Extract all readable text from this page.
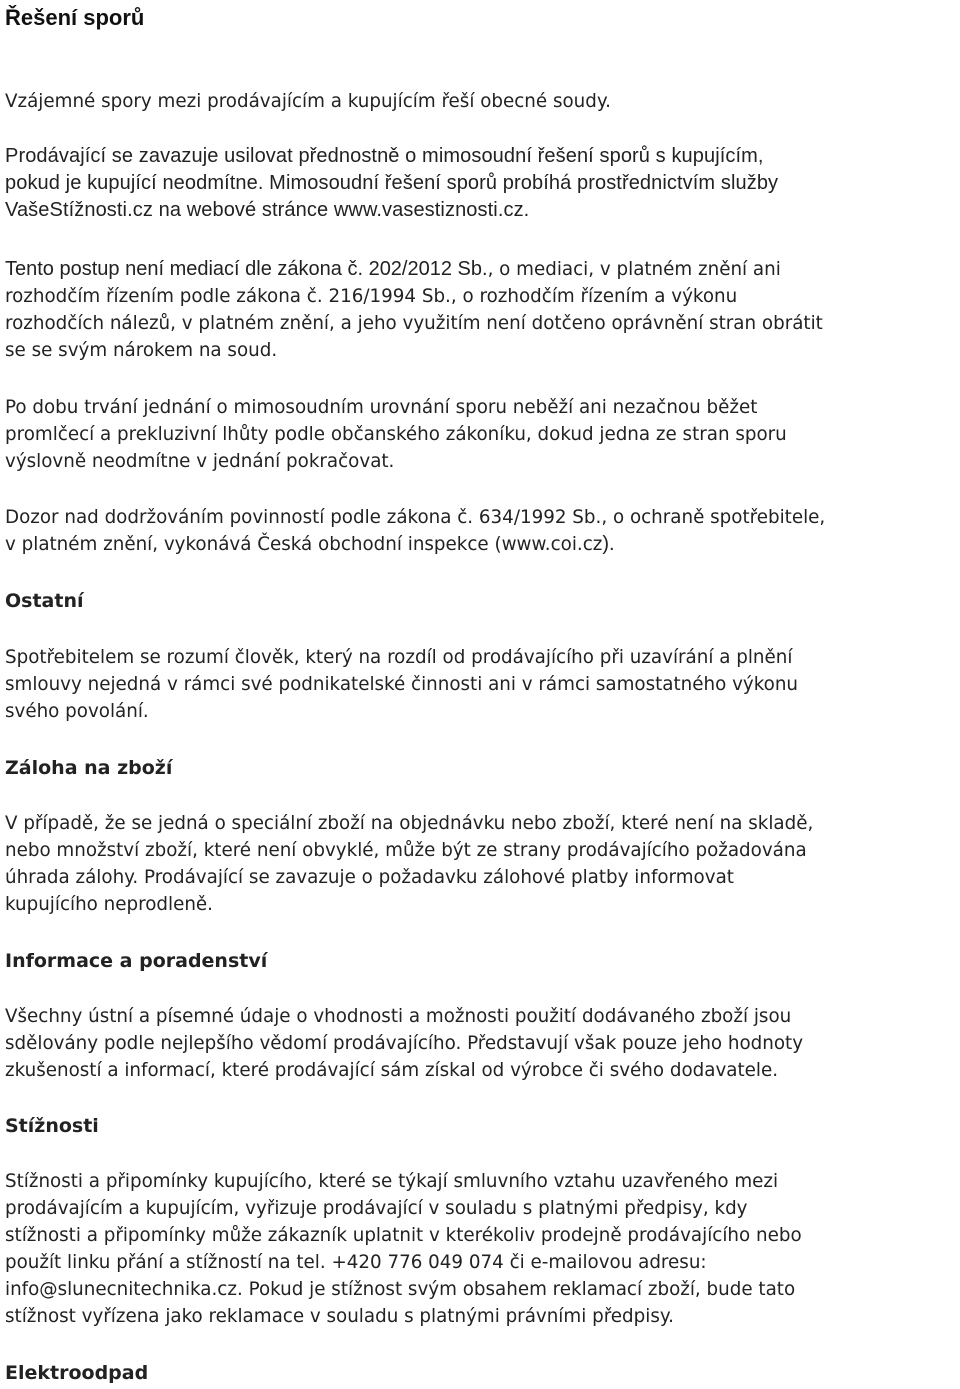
Řešení sporů

Vzájemné spory mezi prodávajícím a kupujícím řeší obecné soudy.

Prodávající se zavazuje usilovat přednostně o mimosoudní řešení sporů s kupujícím,
pokud je kupující neodmítne. Mimosoudní řešení sporů probíhá prostřednictvím služby
VašeStížnosti.cz na webové stránce www.vasestiznosti.cz.

Tento postup není mediací dle zákona č. 202/2012 Sb., o mediaci, v platném znění ani
rozhodčím řízením podle zákona č. 216/1994 Sb., o rozhodčím řízením a výkonu
rozhodčích nálezů, v platném znění, a jeho využitím není dotčeno oprávnění stran obrátit
se se svým nárokem na soud.

Po dobu trvání jednání o mimosoudním urovnání sporu neběží ani nezačnou běžet
promlčecí a prekluzivní lhůty podle občanského zákoníku, dokud jedna ze stran sporu
výslovně neodmítne v jednání pokračovat.

Dozor nad dodržováním povinností podle zákona č. 634/1992 Sb., o ochraně spotřebitele,
v platném znění, vykonává Česká obchodní inspekce (www.coi.cz).

Ostatní

Spotřebitelem se rozumí člověk, který na rozdíl od prodávajícího při uzavírání a plnění
smlouvy nejedná v rámci své podnikatelské činnosti ani v rámci samostatného výkonu
svého povolání.

Záloha na zboží

V případě, že se jedná o speciální zboží na objednávku nebo zboží, které není na skladě,
nebo množství zboží, které není obvyklé, může být ze strany prodávajícího požadována
úhrada zálohy. Prodávající se zavazuje o požadavku zálohové platby informovat
kupujícího neprodleně.

Informace a poradenství

Všechny ústní a písemné údaje o vhodnosti a možnosti použití dodávaného zboží jsou
sdělovány podle nejlepšího vědomí prodávajícího. Představují však pouze jeho hodnoty
zkušeností a informací, které prodávající sám získal od výrobce či svého dodavatele.

Stížnosti

Stížnosti a připomínky kupujícího, které se týkají smluvního vztahu uzavřeného mezi
prodávajícím a kupujícím, vyřizuje prodávající v souladu s platnými předpisy, kdy
stížnosti a připomínky může zákazník uplatnit v kterékoliv prodejně prodávajícího nebo
použít linku přání a stížností na tel. +420 776 049 074 či e-mailovou adresu:
info@slunecnitechnika.cz. Pokud je stížnost svým obsahem reklamací zboží, bude tato
stížnost vyřízena jako reklamace v souladu s platnými právními předpisy.

Elektroodpad
